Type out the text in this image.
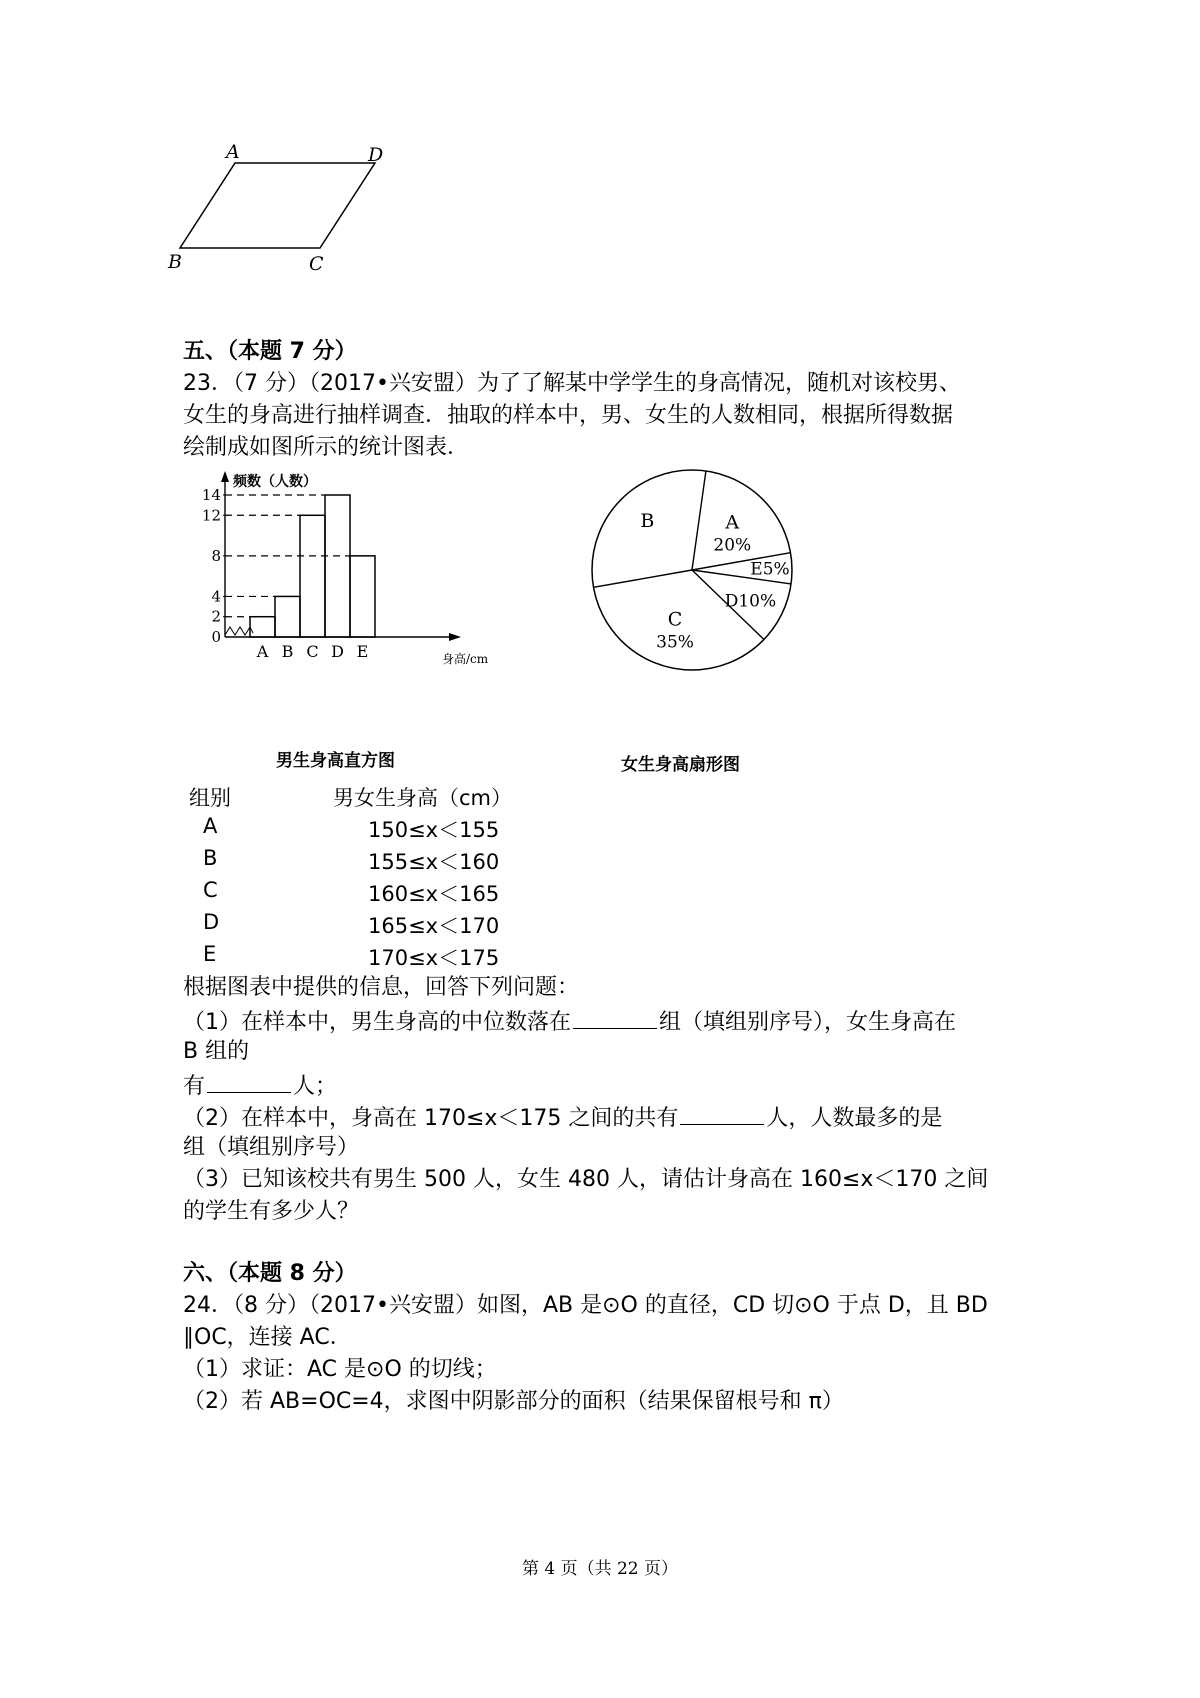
A	D
B	C
五、（本题 7 分）
23．（7 分）（2017•兴安盟）为了了解某中学学生的身高情况，随机对该校男、
女生的身高进行抽样调查．抽取的样本中，男、女生的人数相同，根据所得数据
绘制成如图所示的统计图表．
频数（人数）
身高/cm
0
2
4
8
12
14
A B C D E
男生身高直方图
A
20%
E5%
D10%
C
35%
B
女生身高扇形图
组别	男女生身高（cm）
A	150≤x＜155
B	155≤x＜160
C	160≤x＜165
D	165≤x＜170
E	170≤x＜175
根据图表中提供的信息，回答下列问题：
（1）在样本中，男生身高的中位数落在	组（填组别序号），女生身高在
B 组的
有	人；
（2）在样本中，身高在 170≤x＜175 之间的共有	人，人数最多的是
组（填组别序号）
（3）已知该校共有男生 500 人，女生 480 人，请估计身高在 160≤x＜170 之间
的学生有多少人？
六、（本题 8 分）
24．（8 分）（2017•兴安盟）如图，AB 是⊙O 的直径，CD 切⊙O 于点 D，且 BD
∥OC，连接 AC．
（1）求证：AC 是⊙O 的切线；
（2）若 AB=OC=4，求图中阴影部分的面积（结果保留根号和 π）
第 4 页（共 22 页）
